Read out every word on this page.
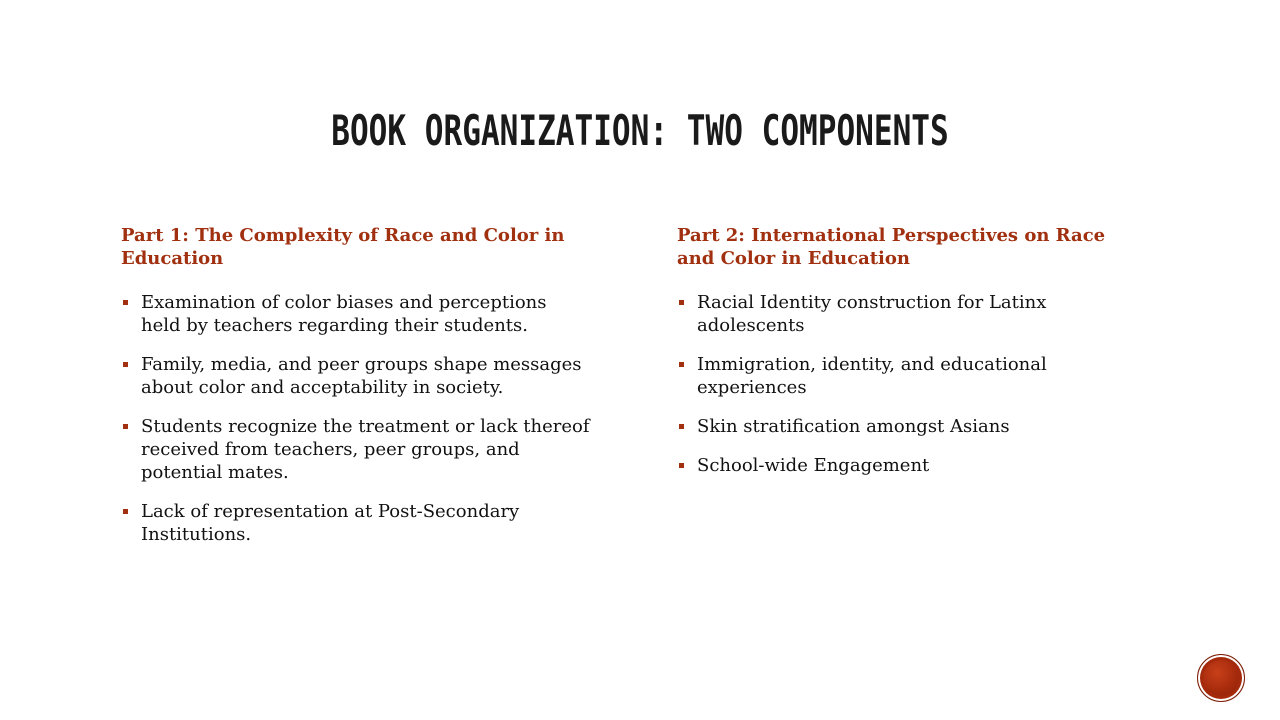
BOOK ORGANIZATION: TWO COMPONENTS
Part 1: The Complexity of Race and Color in Education
Examination of color biases and perceptions held by teachers regarding their students.
Family, media, and peer groups shape messages about color and acceptability in society.
Students recognize the treatment or lack thereof received from teachers, peer groups, and potential mates.
Lack of representation at Post-Secondary Institutions.
Part 2: International Perspectives on Race and Color in Education
Racial Identity construction for Latinx adolescents
Immigration, identity, and educational experiences
Skin stratification amongst Asians
School-wide Engagement
